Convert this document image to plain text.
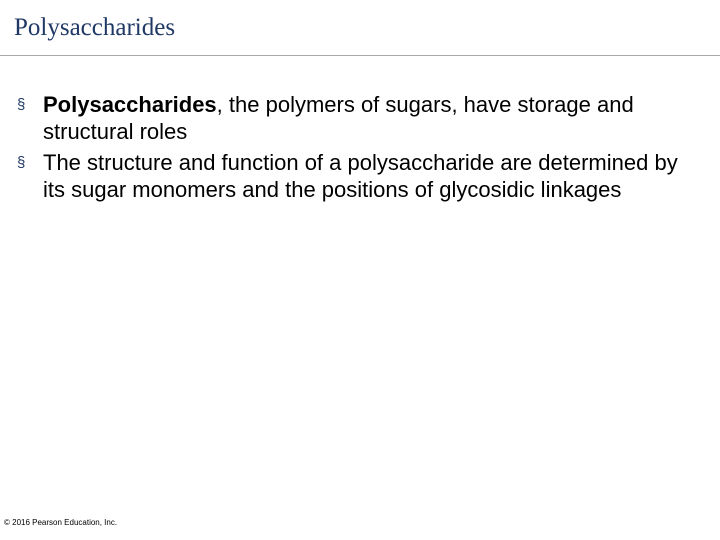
Polysaccharides
§ Polysaccharides, the polymers of sugars, have storage and structural roles
§ The structure and function of a polysaccharide are determined by its sugar monomers and the positions of glycosidic linkages
© 2016 Pearson Education, Inc.
